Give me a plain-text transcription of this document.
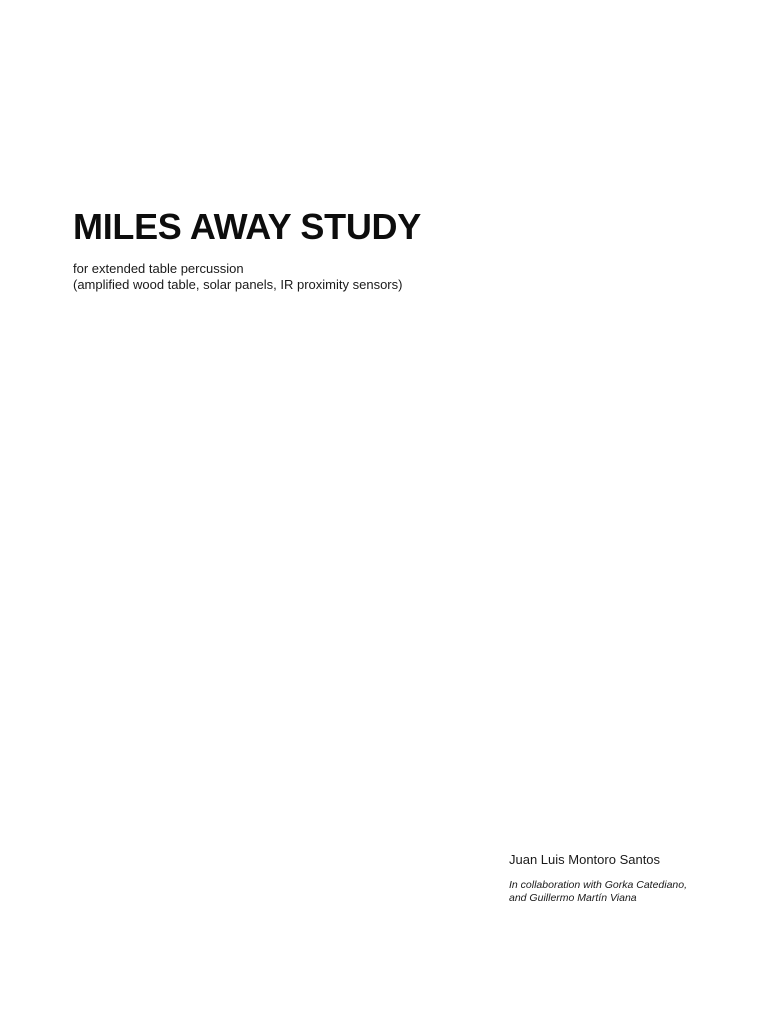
MILES AWAY STUDY
for extended table percussion
(amplified wood table, solar panels, IR proximity sensors)
Juan Luis Montoro Santos
In collaboration with Gorka Catediano,
and Guillermo Martín Viana
